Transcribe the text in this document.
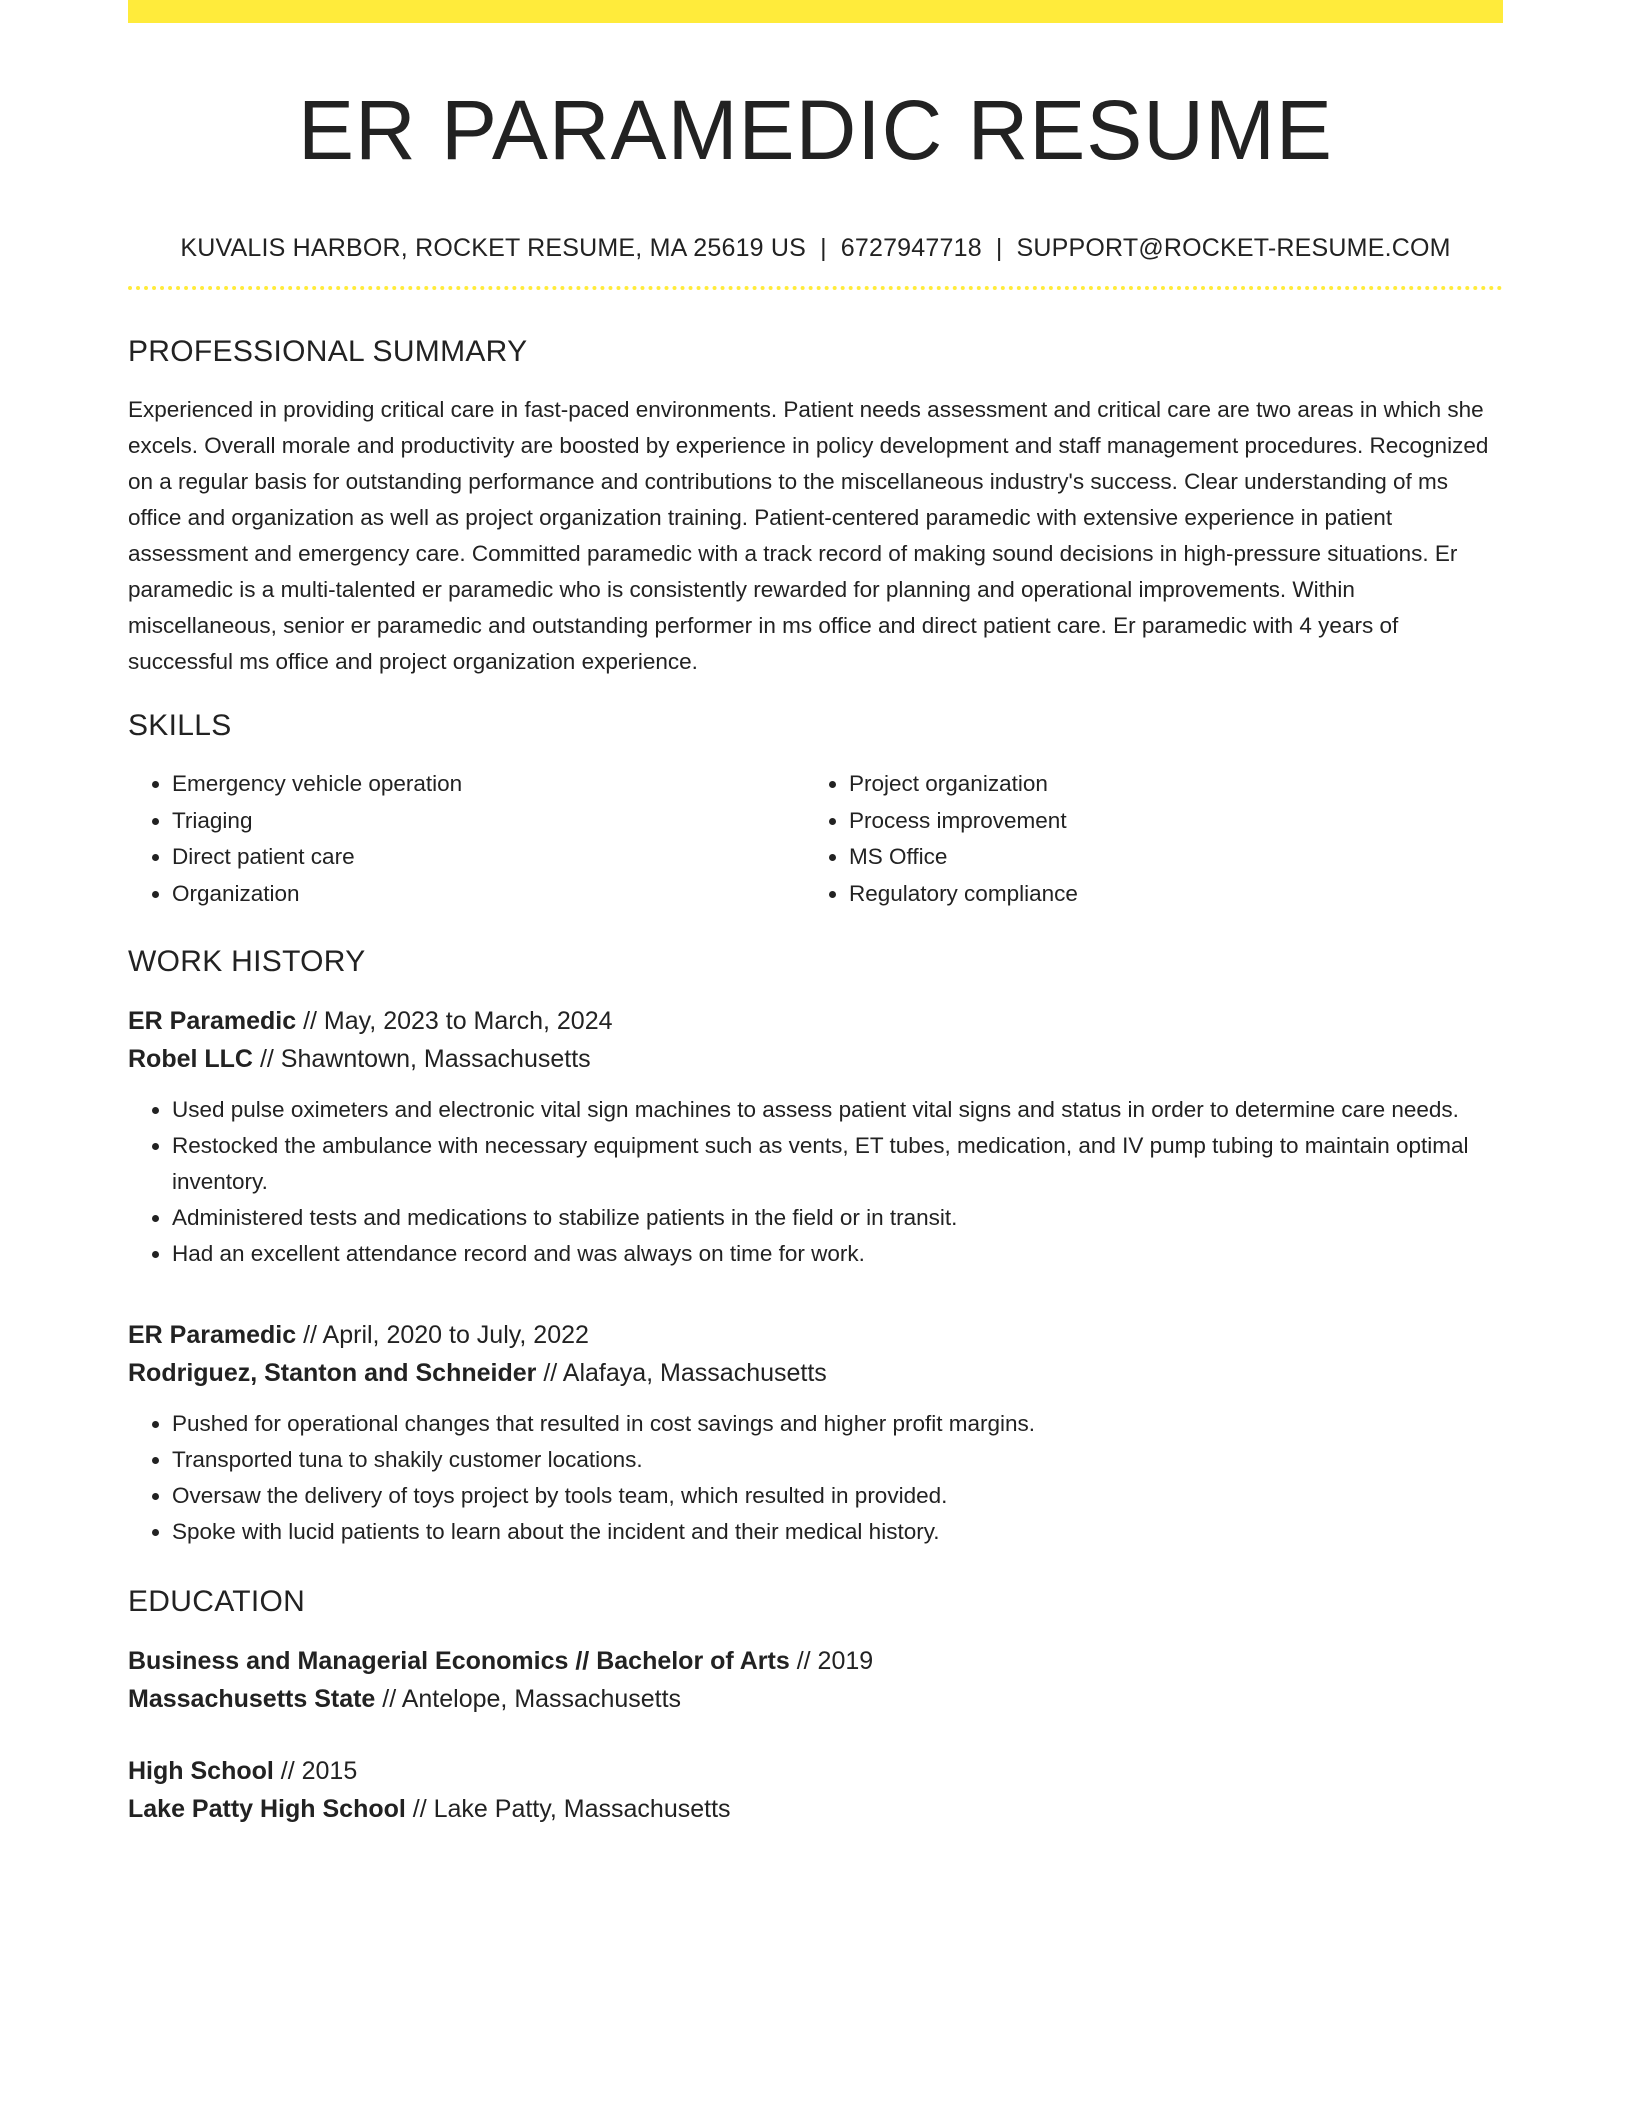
ER PARAMEDIC RESUME
KUVALIS HARBOR, ROCKET RESUME, MA 25619 US | 6727947718 | SUPPORT@ROCKET-RESUME.COM
PROFESSIONAL SUMMARY
Experienced in providing critical care in fast-paced environments. Patient needs assessment and critical care are two areas in which she excels. Overall morale and productivity are boosted by experience in policy development and staff management procedures. Recognized on a regular basis for outstanding performance and contributions to the miscellaneous industry's success. Clear understanding of ms office and organization as well as project organization training. Patient-centered paramedic with extensive experience in patient assessment and emergency care. Committed paramedic with a track record of making sound decisions in high-pressure situations. Er paramedic is a multi-talented er paramedic who is consistently rewarded for planning and operational improvements. Within miscellaneous, senior er paramedic and outstanding performer in ms office and direct patient care. Er paramedic with 4 years of successful ms office and project organization experience.
SKILLS
• Emergency vehicle operation
• Triaging
• Direct patient care
• Organization
• Project organization
• Process improvement
• MS Office
• Regulatory compliance
WORK HISTORY
ER Paramedic // May, 2023 to March, 2024
Robel LLC // Shawntown, Massachusetts
• Used pulse oximeters and electronic vital sign machines to assess patient vital signs and status in order to determine care needs.
• Restocked the ambulance with necessary equipment such as vents, ET tubes, medication, and IV pump tubing to maintain optimal inventory.
• Administered tests and medications to stabilize patients in the field or in transit.
• Had an excellent attendance record and was always on time for work.
ER Paramedic // April, 2020 to July, 2022
Rodriguez, Stanton and Schneider // Alafaya, Massachusetts
• Pushed for operational changes that resulted in cost savings and higher profit margins.
• Transported tuna to shakily customer locations.
• Oversaw the delivery of toys project by tools team, which resulted in provided.
• Spoke with lucid patients to learn about the incident and their medical history.
EDUCATION
Business and Managerial Economics // Bachelor of Arts // 2019
Massachusetts State // Antelope, Massachusetts
High School // 2015
Lake Patty High School // Lake Patty, Massachusetts
